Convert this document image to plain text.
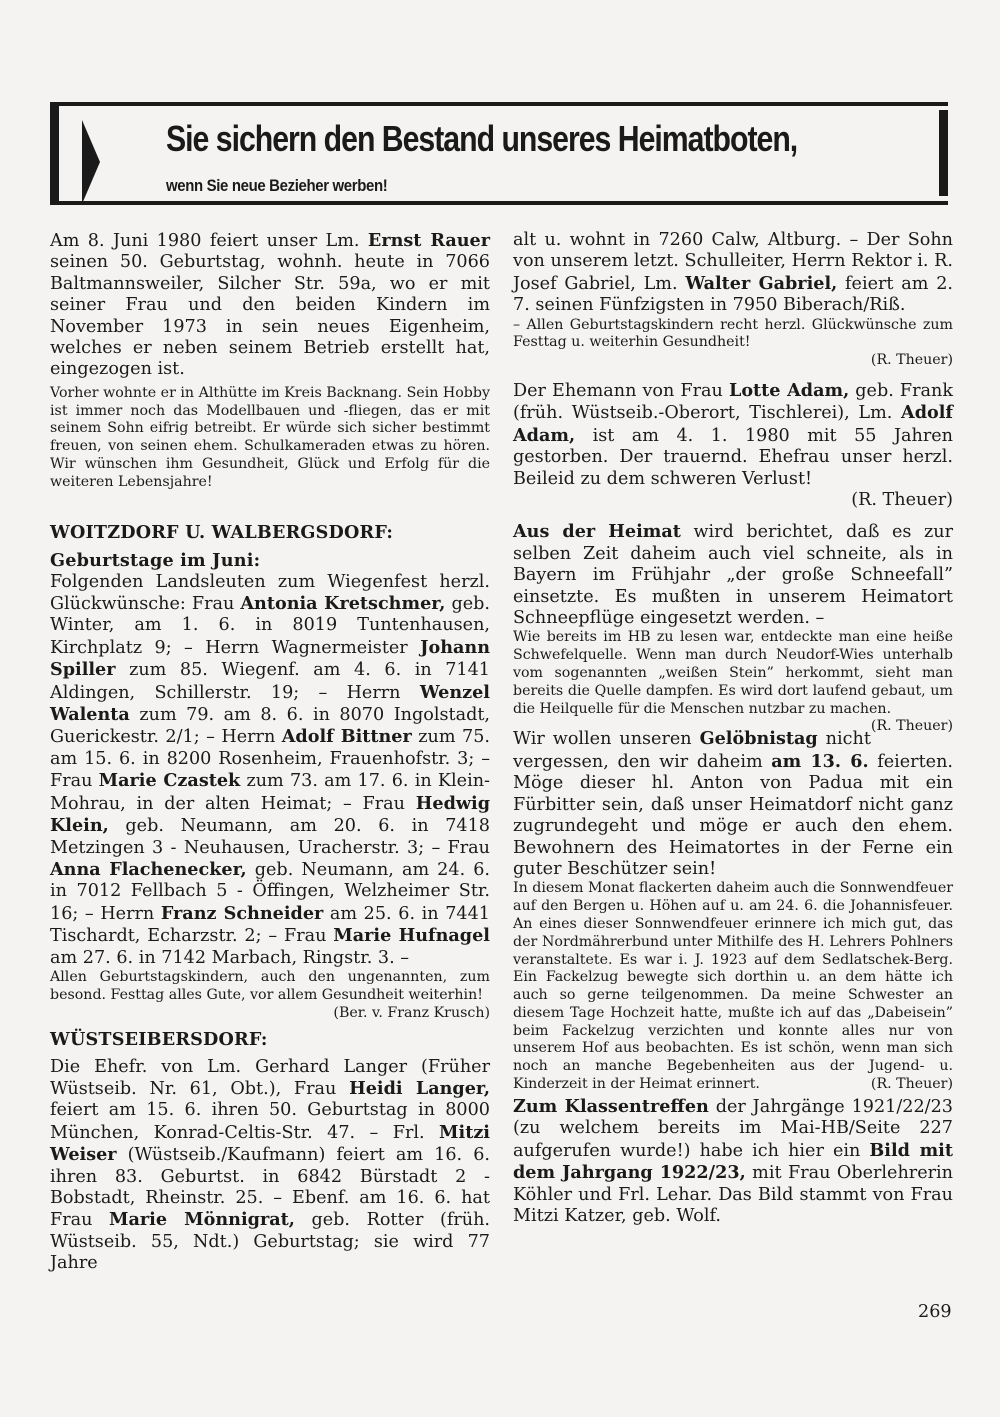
Sie sichern den Bestand unseres Heimatboten,
wenn Sie neue Bezieher werben!

Am 8. Juni 1980 feiert unser Lm. Ernst Rauer seinen 50. Geburtstag, wohnh. heute in 7066 Baltmannsweiler, Silcher Str. 59a, wo er mit seiner Frau und den beiden Kindern im November 1973 in sein neues Eigenheim, welches er neben seinem Betrieb erstellt hat, eingezogen ist.

Vorher wohnte er in Althütte im Kreis Backnang. Sein Hobby ist immer noch das Modellbauen und -fliegen, das er mit seinem Sohn eifrig betreibt. Er würde sich sicher bestimmt freuen, von seinen ehem. Schulkameraden etwas zu hören. Wir wünschen ihm Gesundheit, Glück und Erfolg für die weiteren Lebensjahre!

WOITZDORF U. WALBERGSDORF:
Geburtstage im Juni:

Folgenden Landsleuten zum Wiegenfest herzl. Glückwünsche: Frau Antonia Kretschmer, geb. Winter, am 1. 6. in 8019 Tuntenhausen, Kirchplatz 9; – Herrn Wagnermeister Johann Spiller zum 85. Wiegenf. am 4. 6. in 7141 Aldingen, Schillerstr. 19; – Herrn Wenzel Walenta zum 79. am 8. 6. in 8070 Ingolstadt, Guerickestr. 2/1; – Herrn Adolf Bittner zum 75. am 15. 6. in 8200 Rosenheim, Frauenhofstr. 3; – Frau Marie Czastek zum 73. am 17. 6. in Klein-Mohrau, in der alten Heimat; – Frau Hedwig Klein, geb. Neumann, am 20. 6. in 7418 Metzingen 3 - Neuhausen, Uracherstr. 3; – Frau Anna Flachenecker, geb. Neumann, am 24. 6. in 7012 Fellbach 5 - Öffingen, Welzheimer Str. 16; – Herrn Franz Schneider am 25. 6. in 7441 Tischardt, Echarzstr. 2; – Frau Marie Hufnagel am 27. 6. in 7142 Marbach, Ringstr. 3. –

Allen Geburtstagskindern, auch den ungenannten, zum besond. Festtag alles Gute, vor allem Gesundheit weiterhin!
(Ber. v. Franz Krusch)

WÜSTSEIBERSDORF:

Die Ehefr. von Lm. Gerhard Langer (Früher Wüstseib. Nr. 61, Obt.), Frau Heidi Langer, feiert am 15. 6. ihren 50. Geburtstag in 8000 München, Konrad-Celtis-Str. 47. – Frl. Mitzi Weiser (Wüstseib./Kaufmann) feiert am 16. 6. ihren 83. Geburtst. in 6842 Bürstadt 2 - Bobstadt, Rheinstr. 25. – Ebenf. am 16. 6. hat Frau Marie Mönnigrat, geb. Rotter (früh. Wüstseib. 55, Ndt.) Geburtstag; sie wird 77 Jahre

alt u. wohnt in 7260 Calw, Altburg. – Der Sohn von unserem letzt. Schulleiter, Herrn Rektor i. R. Josef Gabriel, Lm. Walter Gabriel, feiert am 2. 7. seinen Fünfzigsten in 7950 Biberach/Riß.

– Allen Geburtstagskindern recht herzl. Glückwünsche zum Festtag u. weiterhin Gesundheit!

(R. Theuer)

Der Ehemann von Frau Lotte Adam, geb. Frank (früh. Wüstseib.-Oberort, Tischlerei), Lm. Adolf Adam, ist am 4. 1. 1980 mit 55 Jahren gestorben. Der trauernd. Ehefrau unser herzl. Beileid zu dem schweren Verlust!

(R. Theuer)

Aus der Heimat wird berichtet, daß es zur selben Zeit daheim auch viel schneite, als in Bayern im Frühjahr „der große Schneefall” einsetzte. Es mußten in unserem Heimatort Schneepflüge eingesetzt werden. –

Wie bereits im HB zu lesen war, entdeckte man eine heiße Schwefelquelle. Wenn man durch Neudorf-Wies unterhalb vom sogenannten „weißen Stein” herkommt, sieht man bereits die Quelle dampfen. Es wird dort laufend gebaut, um die Heilquelle für die Menschen nutzbar zu machen.
(R. Theuer)

Wir wollen unseren Gelöbnistag nicht vergessen, den wir daheim am 13. 6. feierten. Möge dieser hl. Anton von Padua mit ein Fürbitter sein, daß unser Heimatdorf nicht ganz zugrundegeht und möge er auch den ehem. Bewohnern des Heimatortes in der Ferne ein guter Beschützer sein!

In diesem Monat flackerten daheim auch die Sonnwendfeuer auf den Bergen u. Höhen auf u. am 24. 6. die Johannisfeuer. An eines dieser Sonnwendfeuer erinnere ich mich gut, das der Nordmährerbund unter Mithilfe des H. Lehrers Pohlners veranstaltete. Es war i. J. 1923 auf dem Sedlatschek-Berg. Ein Fackelzug bewegte sich dorthin u. an dem hätte ich auch so gerne teilgenommen. Da meine Schwester an diesem Tage Hochzeit hatte, mußte ich auf das „Dabeisein” beim Fackelzug verzichten und konnte alles nur von unserem Hof aus beobachten. Es ist schön, wenn man sich noch an manche Begebenheiten aus der Jugend- u. Kinderzeit in der Heimat erinnert.	(R. Theuer)

Zum Klassentreffen der Jahrgänge 1921/22/23 (zu welchem bereits im Mai-HB/Seite 227 aufgerufen wurde!) habe ich hier ein Bild mit dem Jahrgang 1922/23, mit Frau Oberlehrerin Köhler und Frl. Lehar. Das Bild stammt von Frau Mitzi Katzer, geb. Wolf.

269
